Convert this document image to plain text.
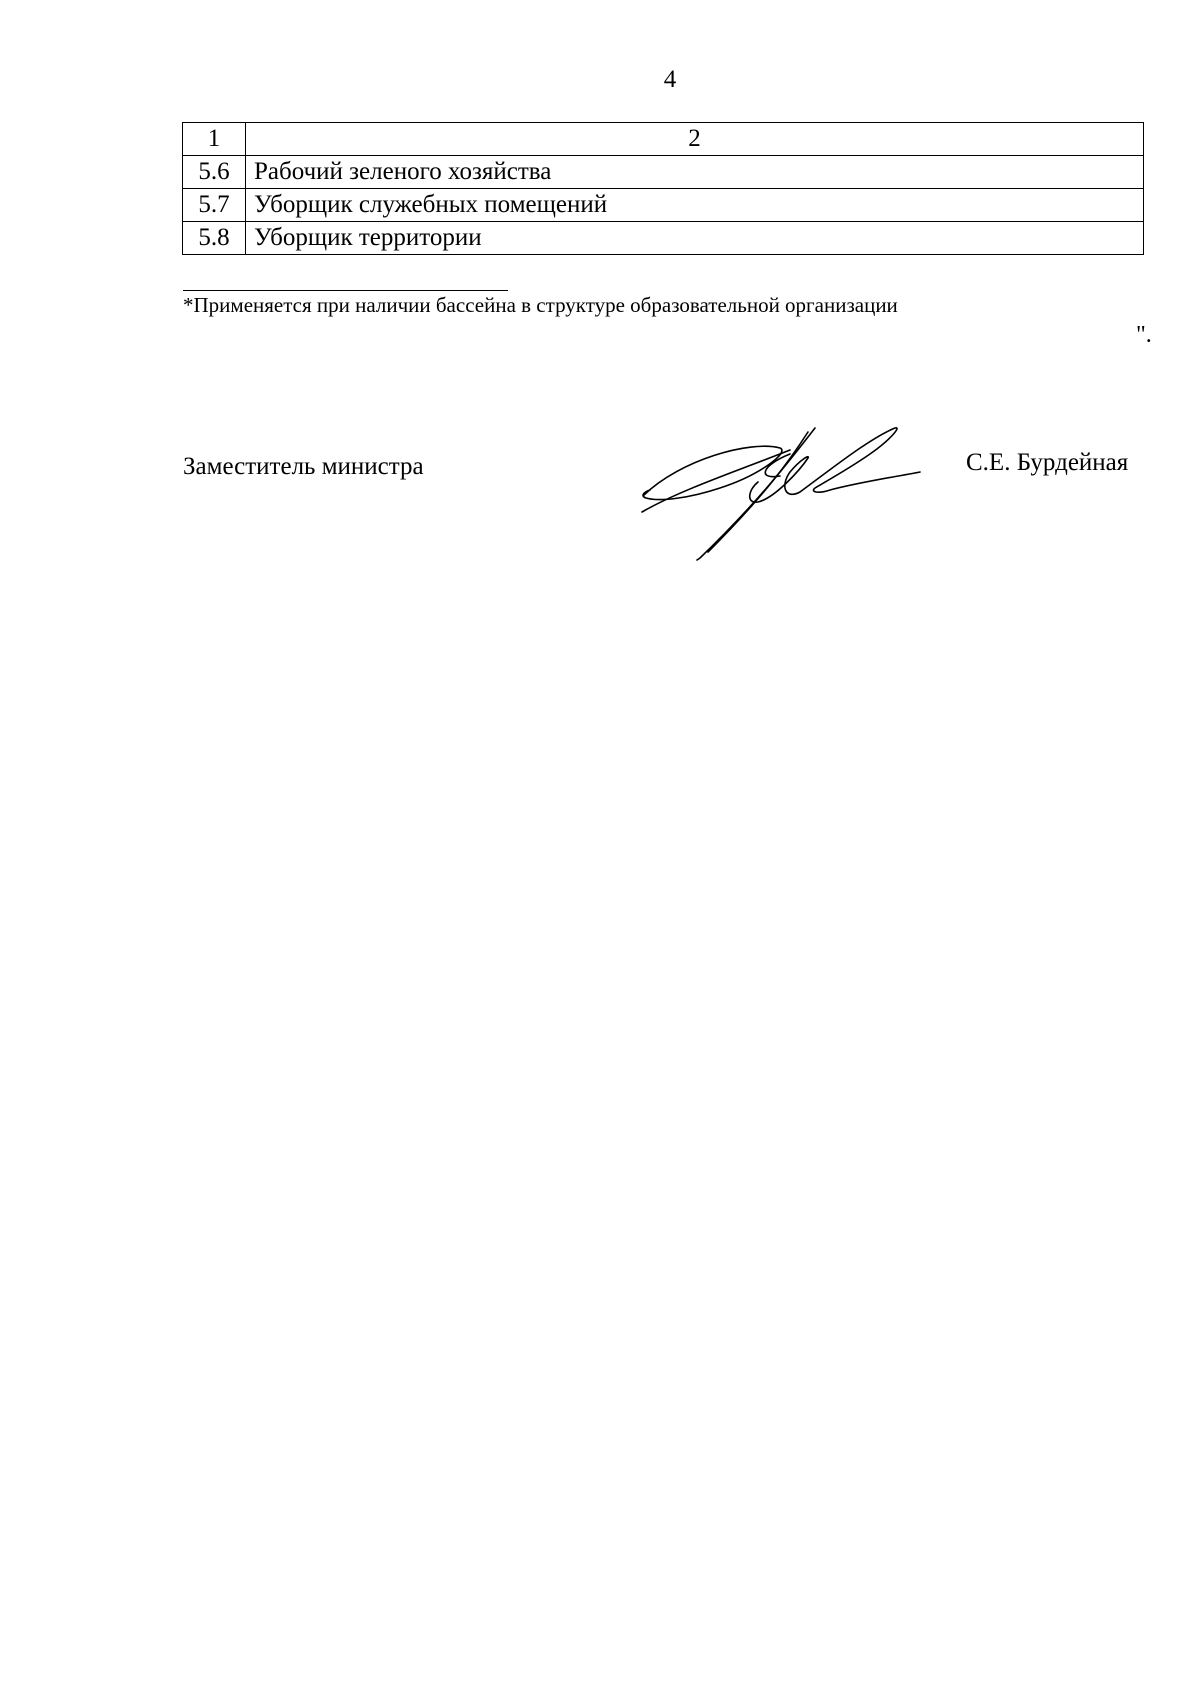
4
1	2
5.6	Рабочий зеленого хозяйства
5.7	Уборщик служебных помещений
5.8	Уборщик территории
*Применяется при наличии бассейна в структуре образовательной организации
".
Заместитель министра	С.Е. Бурдейная
